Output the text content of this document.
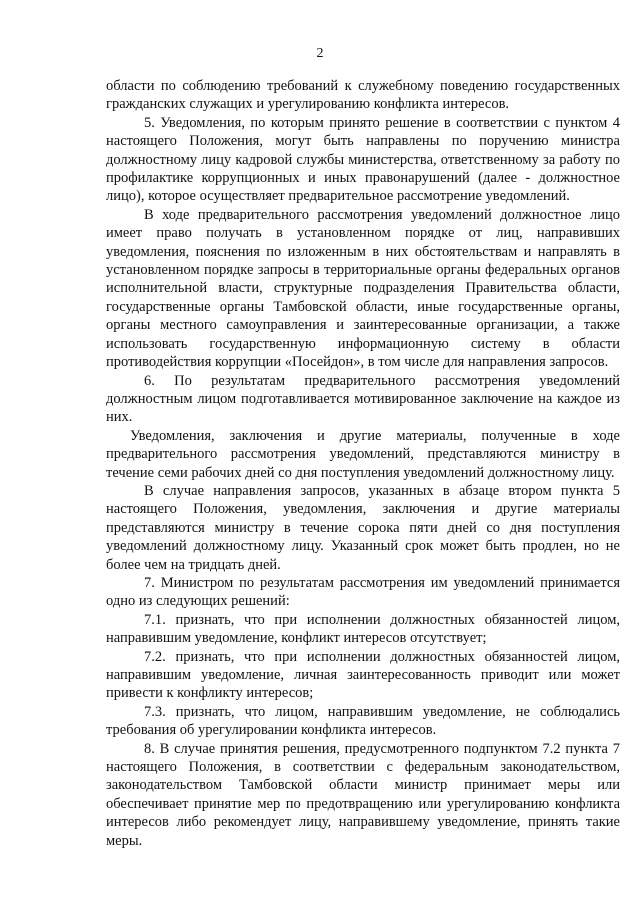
2

области по соблюдению требований к служебному поведению государственных гражданских служащих и урегулированию конфликта интересов.

5. Уведомления, по которым принято решение в соответствии с пунктом 4 настоящего Положения, могут быть направлены по поручению министра должностному лицу кадровой службы министерства, ответственному за работу по профилактике коррупционных и иных правонарушений (далее - должностное лицо), которое осуществляет предварительное рассмотрение уведомлений.

В ходе предварительного рассмотрения уведомлений должностное лицо имеет право получать в установленном порядке от лиц, направивших уведомления, пояснения по изложенным в них обстоятельствам и направлять в установленном порядке запросы в территориальные органы федеральных органов исполнительной власти, структурные подразделения Правительства области, государственные органы Тамбовской области, иные государственные органы, органы местного самоуправления и заинтересованные организации, а также использовать государственную информационную систему в области противодействия коррупции «Посейдон», в том числе для направления запросов.

6. По результатам предварительного рассмотрения уведомлений должностным лицом подготавливается мотивированное заключение на каждое из них.

Уведомления, заключения и другие материалы, полученные в ходе предварительного рассмотрения уведомлений, представляются министру в течение семи рабочих дней со дня поступления уведомлений должностному лицу.

В случае направления запросов, указанных в абзаце втором пункта 5 настоящего Положения, уведомления, заключения и другие материалы представляются министру в течение сорока пяти дней со дня поступления уведомлений должностному лицу. Указанный срок может быть продлен, но не более чем на тридцать дней.

7. Министром по результатам рассмотрения им уведомлений принимается одно из следующих решений:

7.1. признать, что при исполнении должностных обязанностей лицом, направившим уведомление, конфликт интересов отсутствует;

7.2. признать, что при исполнении должностных обязанностей лицом, направившим уведомление, личная заинтересованность приводит или может привести к конфликту интересов;

7.3. признать, что лицом, направившим уведомление, не соблюдались требования об урегулировании конфликта интересов.

8. В случае принятия решения, предусмотренного подпунктом 7.2 пункта 7 настоящего Положения, в соответствии с федеральным законодательством, законодательством Тамбовской области министр принимает меры или обеспечивает принятие мер по предотвращению или урегулированию конфликта интересов либо рекомендует лицу, направившему уведомление, принять такие меры.
